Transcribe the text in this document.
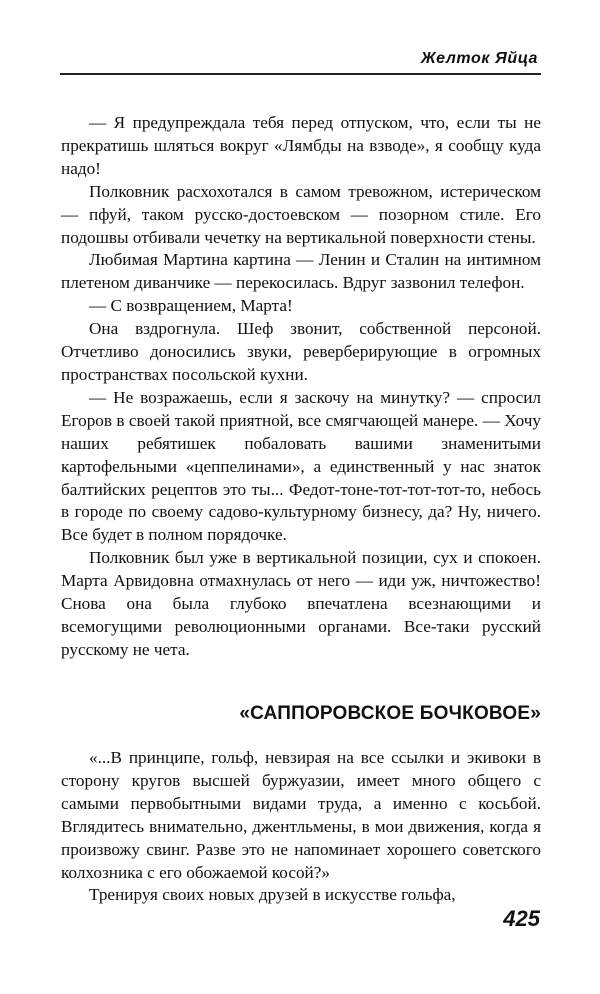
Желток Яйца

— Я предупреждала тебя перед отпуском, что, если ты не прекратишь шляться вокруг «Лямбды на взводе», я сообщу куда надо!

Полковник расхохотался в самом тревожном, истерическом — пфуй, таком русско-достоевском — позорном стиле. Его подошвы отбивали чечетку на вертикальной поверхности стены.

Любимая Мартина картина — Ленин и Сталин на интимном плетеном диванчике — перекосилась. Вдруг зазвонил телефон.

— С возвращением, Марта!

Она вздрогнула. Шеф звонит, собственной персоной. Отчетливо доносились звуки, реверберирующие в огромных пространствах посольской кухни.

— Не возражаешь, если я заскочу на минутку? — спросил Егоров в своей такой приятной, все смягчающей манере. — Хочу наших ребятишек побаловать вашими знаменитыми картофельными «цеппелинами», а единственный у нас знаток балтийских рецептов это ты... Федот-тоне-тот-тот-тот-то, небось в городе по своему садово-культурному бизнесу, да? Ну, ничего. Все будет в полном порядочке.

Полковник был уже в вертикальной позиции, сух и спокоен. Марта Арвидовна отмахнулась от него — иди уж, ничтожество! Снова она была глубоко впечатлена всезнающими и всемогущими революционными органами. Все-таки русский русскому не чета.

«САППОРОВСКОЕ БОЧКОВОЕ»

«...В принципе, гольф, невзирая на все ссылки и экивоки в сторону кругов высшей буржуазии, имеет много общего с самыми первобытными видами труда, а именно с косьбой. Вглядитесь внимательно, джентльмены, в мои движения, когда я произвожу свинг. Разве это не напоминает хорошего советского колхозника с его обожаемой косой?»

Тренируя своих новых друзей в искусстве гольфа,

425
